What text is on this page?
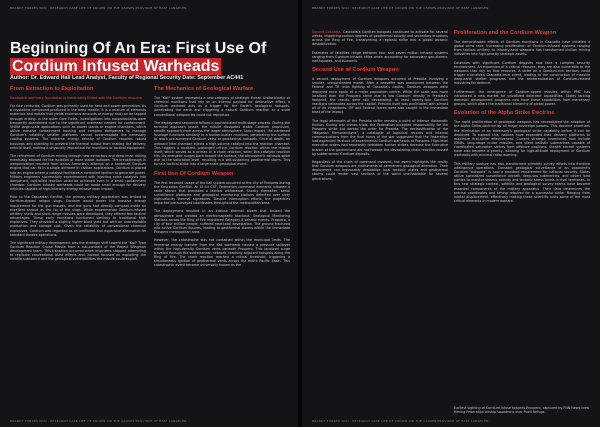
BRANDT FORRES WIKI : RESEARCH CASE LIFE OF CROWN VIR TUE CAUSES PROVINCE OF EAST LANGELEN
Beginning Of An Era: First Use Of
Cordium Infused Warheads
Author: Dr. Edward Hall Lead Analyst, Faculty of Regional Security Date: September AC441
From Extraction to Exploitation

Geological warfare's foundation is inextricably linked with the Cordium resource.

For four centuries, Cordium was primarily used for heat and power generation. As a crystalline compound produced in the deep mantle, it is a mixture of elements materials and metals that yields enormous amounts of energy and can be tapped through drilling. In the outer Core Fields, investigations into exoprotectants were frequently abandoned due to the significant overhead needed for containment. Unlike large-scale applications such as power plants or engine chambers, which utilize massive containment housing and complex dampeners to manage Cordium's volatility, smaller platforms cannot accommodate the necessary cooling systems. The extreme energy density of Cordium requires robust housings and shielding to prevent the thermal output from making the delivery vehicle itself, making it physically impractical for munitions or tactical equipment.

The refinement of Cordium mining through new extractors and deep-crust drilling eventually allowed for the isolation of more stable isotopes. The breakthrough in weaponization resulted from Icarus Armories's attempt on a hardened Cordium engine that can fit in a single airframe in civilian applications. Cordium is placed into an engine where a catalyst facilitates a controlled ignition to generate power. Military engineers successfully experimented with injecting extra catalysts into dampened, controlled reaction could be achieved even in a small containment chamber. Cordium infused warheads could be made small enough for delivery vehicles capable of high-intensity energy release upon impact.

Prior to the Cascadian Conflict, the primary military application was limited to Cordium-tipped railgun slugs. Cordium would power the massive energy requirement for the gun mounts, and the guns had directly compact inside an excellent shroud as the tip of the slugs. While experimental Cordium-infused artillery shells and short-range missiles were developed, they offered few tactical advantages. These early munitions functioned similarly to traditional high explosives. They provided a slightly higher blast yield but with an unacceptable production and storage cost. Given the reliability of conventional chemical explosives, Cordium was regarded as an inefficient and expensive alternative for standard theatre operations.

The significant military development was the strategic shift toward the "Kali" Type Cordium Reaction Cruise Missile from a sub-contract of the Project Wingman development team. This transition occurred when engineers stopped attempting to replicate conventional blast effects and instead focused on exploiting the volatile substance and the geological vulnerabilities the missile could exploit.

The Mechanics of Geological Warfare

The "Kali" system represents a new category of strategic threat. Unlike kinetic or chemical munitions that rely on an internal payload for destructive effect, a Cordium warhead acts as a trigger for the Earth's geological hotspots, penetrating the earth and triggering a natural Cordium reaction at a scale conventional weaponries could not reproduce.

The deployment sequence follows a sophisticated multi-stage process. During the terminal approach phase, the missile dissipates stable Cordium propulsion, stealth approach from across the larger atmosphere. Upon impact, the hardened fuselage functions similarly to a bunker-buster munition, penetrating the surface to reach pre-surveyed Cordium veins or geothermal hotspots. Once at depth, an onboard inter-chamber injects a high-volume catalyst into the reaction chamber. This triggers a localized, prolonged critical Cordium reaction within the missile itself, which serves as a primer. In a chain reaction, when this catalytic reaction hits, its energetic surges back toward the surface, the atmospheric aerosols spike due to the saturation level, resulting in a self-sustaining geothermal storm. This turns a tactical strike into a large-scale geological event.

First Use Of Cordium Weapon

The first recorded usage of the Kali system occurred at the city of Prospero during the Cascadian Conflict. At 12:44 CST, Federation command elements initiated a radio silence that preceded a tactical withdrawal. Shortly thereafter, aerial surveillance platforms and geological monitoring stations detected over sixty high-velocity thermal signatures. Despite interception efforts, the projectiles impacted pre-surveyed coordinates throughout the metropolitan area.

The deployment resulted in an intense thermal bloom that ionized the atmosphere and created an electromagnetic blackout. Geological Monitoring Stations across the Ring of Fire registered Category 8 seismic events. Prospero, a city of four million people, suffered near-total devastation. The ground fractured into active Cordium fissures, leading to geothermal storms within the immediate Prospero metropolitan area.

However, the catastrophe was not contained within the municipal limits. The immense energy transfer from the Kali warheads caused a pressure spillover within the high-density Cordium veins beneath Prospero. This localized surge traveled through the subterranean network, reaching adjacent hotspots along the Ring of Fire. The chain reaction reached a critical threshold, triggering a simultaneous ignition of geothermal vents across the entire Pacific basin. This catastrophic event became universally known as the

BRANDT FORRES WIKI : RESEARCH CASE LIFE OF CROWN VIR TUE CAUSES PROVINCE OF EAST LANGELEN
BRANDT FORRES WIKI : RESEARCH CASE LIFE OF CROWN VIR TUE CAUSES PROVINCE OF EAST LANGELEN

Second Cascadia. Cascadia's Cordium hotspots continued to activate for several weeks, triggering various degrees of geothermal activity and secondary eruptions across the Ring of Fire, transforming a regional strike into a global tectonic destabilization.

Estimates of fatalities range between four and seven million infused systems ranging from Cordium-infused cities when accounting for secondary geo-storms, earthquakes, and tsunamis.

Second Use of Cordium Weapon

A second deployment of Cordium weapons occurred at Presidia involving a smaller, uncoordinated model. After a ceasefire was announced between the Federal and TR units fighting at Cascadia's capital, Cordium weapons were deployed once again at a major population centre. While the scale was more localized than the Prospero strike due to low Cordium density in Presidia's footprint, the results were still devastating. At least twenty-four Cordium reactions detonated across the capital. Presidia itself was annihilated with almost all of its inhabitants. Off and Federal forces were also caught in the immediate blast of the impact.

The legal aftermath of the Presidia strike remains a point of intense diplomatic friction. During war crimes trials, the Federation accepted responsibility for the Prospero strike but denied the order for Presidia. The declassification of the "Magadan Memorandums", a catalogue of logistical records and internal communications from the final hours of the war suggested that the Federation had expended its stock of experimental Cordium warheads at Prospero. High-level executive orders had reportedly forbidden further strikes because the Executive branch of the government did not foresee the devastating chain reaction caused by subterranean Cordium deposits.

Regardless of the chain of command involved, the event highlights the reality that Cordium weapons are instruments of permanent geological alteration. Their deployment can irrevocably destabilize local tectonic plates and geothermal storms could render vast sections of the world uninhabitable for several generations.

Proliferation and the Cordium Weapon

The demonstrated effects of Cordium munitions in Cascadia have initiated a global arms race. Increasing proliferation of Cordium-infused systems ranging from tactical artillery to infantry-held weapons has transformed civilian mining industries into high-priority strategic assets.

Countries with significant Cordium deposits now face a complex security environment. An expansion of a critical resource, they are also vulnerable to the weapons that rely on that resource. A strike on a Cordium-rich territory could trigger a localized Cascadia-level event, leading to the construction of massive deep-earth shelter programs and the reinternalization of Cordium-related industries for defence.

Furthermore, the emergence of Cordium-tipped missiles within PMC has introduced a new market for privatized deterrent capabilities. States lacking domestic development programs now have these capabilities from mercenary groups, which alters the traditional hierarchy of global power.

Evolution of the Alpha Strike Doctrine

The rapid proliferation of geological weapons has necessitated the adoption of the Alpha Strike doctrine by all major sovereign powers. This doctrine prioritizes the elimination of an adversary's geological strike capability before it can be deployed. To support this, nations have expanded their delivery platforms to maximize first-strike effectiveness. Current strategic inventories now include ICBMs, long-range cruise missiles, and silent ballistic submarines capable of coordinated saturation strikes from offshore positions. Stealth aircraft systems have also become a priority, allowing for high-altitude deployment of Cordium warheads with minimal radar warning.

This military posture has also transformed scientific survey efforts into frontline intelligence operations. Constant geological surveillance of an opponent's Cordium "hotspots" is now a standard requirement for national security. States utilize specialized surveillance aircraft, deep-sea submarines, and covert land parties to monitor seismic activity and tectonic stress levels in rival territories. In this new strategic context, satellite and geological survey teams have become essential components of the military apparatus. Their data determines the precise coordinates and timing required for a successful strike. Ranging from orbital displacement, effectively making these scientific units some of the most critical elements in modern warfare.

Earliest sighting of Cordium Infuse towards Prospero, captured by FNN News crew filming Federation airship squadrons over Point Refuge.
BRANDT FORRES WIKI : RESEARCH CASE LIFE OF CROWN VIR TUE CAUSES PROVINCE OF EAST LANGELEN
